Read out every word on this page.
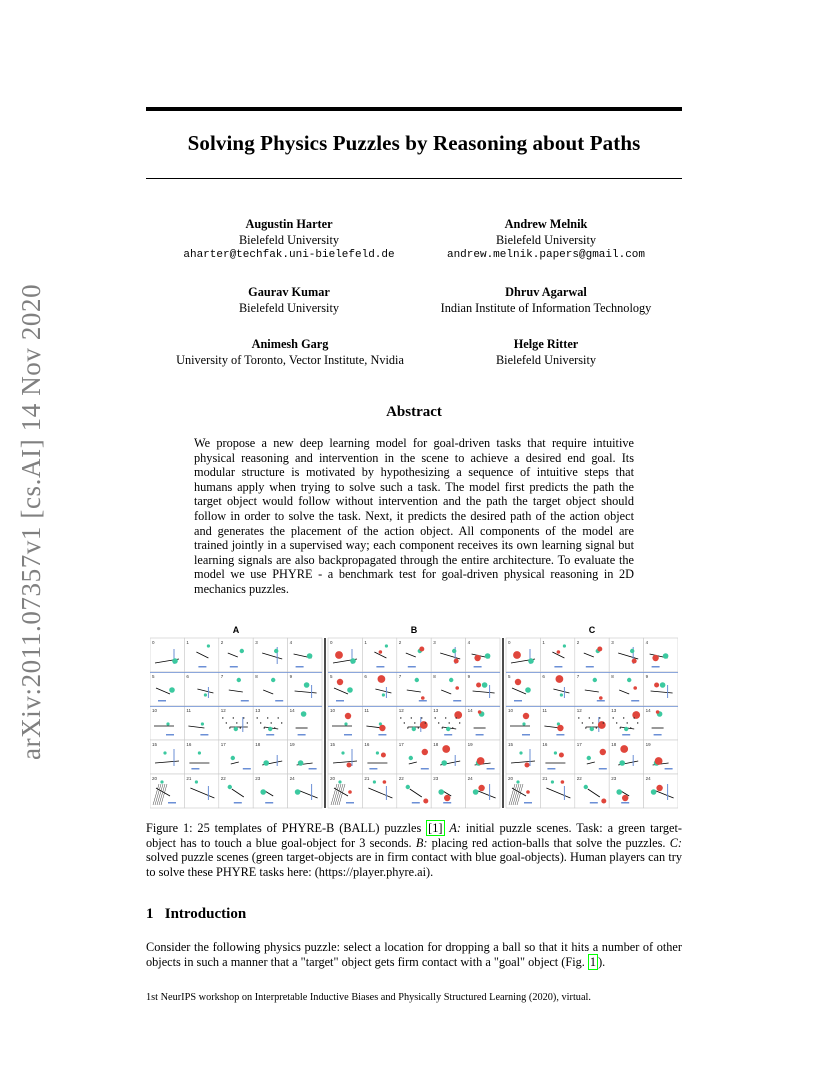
arXiv:2011.07357v1 [cs.AI] 14 Nov 2020
Solving Physics Puzzles by Reasoning about Paths
Augustin Harter
Bielefeld University
aharter@techfak.uni-bielefeld.de
Andrew Melnik
Bielefeld University
andrew.melnik.papers@gmail.com
Gaurav Kumar
Bielefeld University
Dhruv Agarwal
Indian Institute of Information Technology
Animesh Garg
University of Toronto, Vector Institute, Nvidia
Helge Ritter
Bielefeld University
Abstract
We propose a new deep learning model for goal-driven tasks that require intuitive physical reasoning and intervention in the scene to achieve a desired end goal. Its modular structure is motivated by hypothesizing a sequence of intuitive steps that humans apply when trying to solve such a task. The model first predicts the path the target object would follow without intervention and the path the target object should follow in order to solve the task. Next, it predicts the desired path of the action object and generates the placement of the action object. All components of the model are trained jointly in a supervised way; each component receives its own learning signal but learning signals are also backpropagated through the entire architecture. To evaluate the model we use PHYRE - a benchmark test for goal-driven physical reasoning in 2D mechanics puzzles.
A
0	1	2	3	4
5	6	7	8	9
10	11	12	13	14
15	16	17	18	19
20	21	22	23	24
B
0	1	2	3	4
5	6	7	8	9
10	11	12	13	14
15	16	17	18	19
20	21	22	23	24
C
0	1	2	3	4
5	6	7	8	9
10	11	12	13	14
15	16	17	18	19
20	21	22	23	24
Figure 1: 25 templates of PHYRE-B (BALL) puzzles [1] A: initial puzzle scenes. Task: a green target-object has to touch a blue goal-object for 3 seconds. B: placing red action-balls that solve the puzzles. C: solved puzzle scenes (green target-objects are in firm contact with blue goal-objects). Human players can try to solve these PHYRE tasks here: (https://player.phyre.ai).
1 Introduction
Consider the following physics puzzle: select a location for dropping a ball so that it hits a number of other objects in such a manner that a "target" object gets firm contact with a "goal" object (Fig. 1 ).
1st NeurIPS workshop on Interpretable Inductive Biases and Physically Structured Learning (2020), virtual.
